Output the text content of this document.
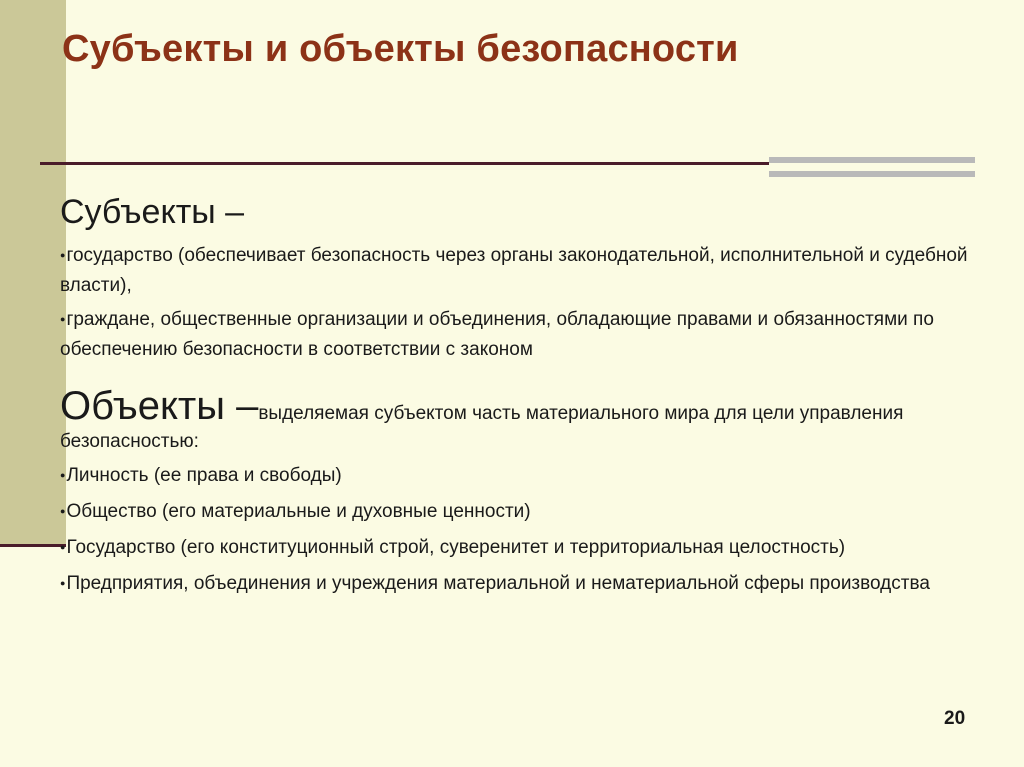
Субъекты и объекты безопасности
Субъекты –
●государство (обеспечивает безопасность через органы законодательной, исполнительной и судебной власти),
●граждане, общественные организации и объединения, обладающие правами и обязанностями по обеспечению безопасности в соответствии с законом
Объекты –выделяемая субъектом часть материального мира для цели управления безопасностью:
●Личность (ее права и свободы)
●Общество (его материальные и духовные ценности)
●Государство (его конституционный строй, суверенитет и территориальная целостность)
●Предприятия, объединения и учреждения материальной и нематериальной сферы производства
20
